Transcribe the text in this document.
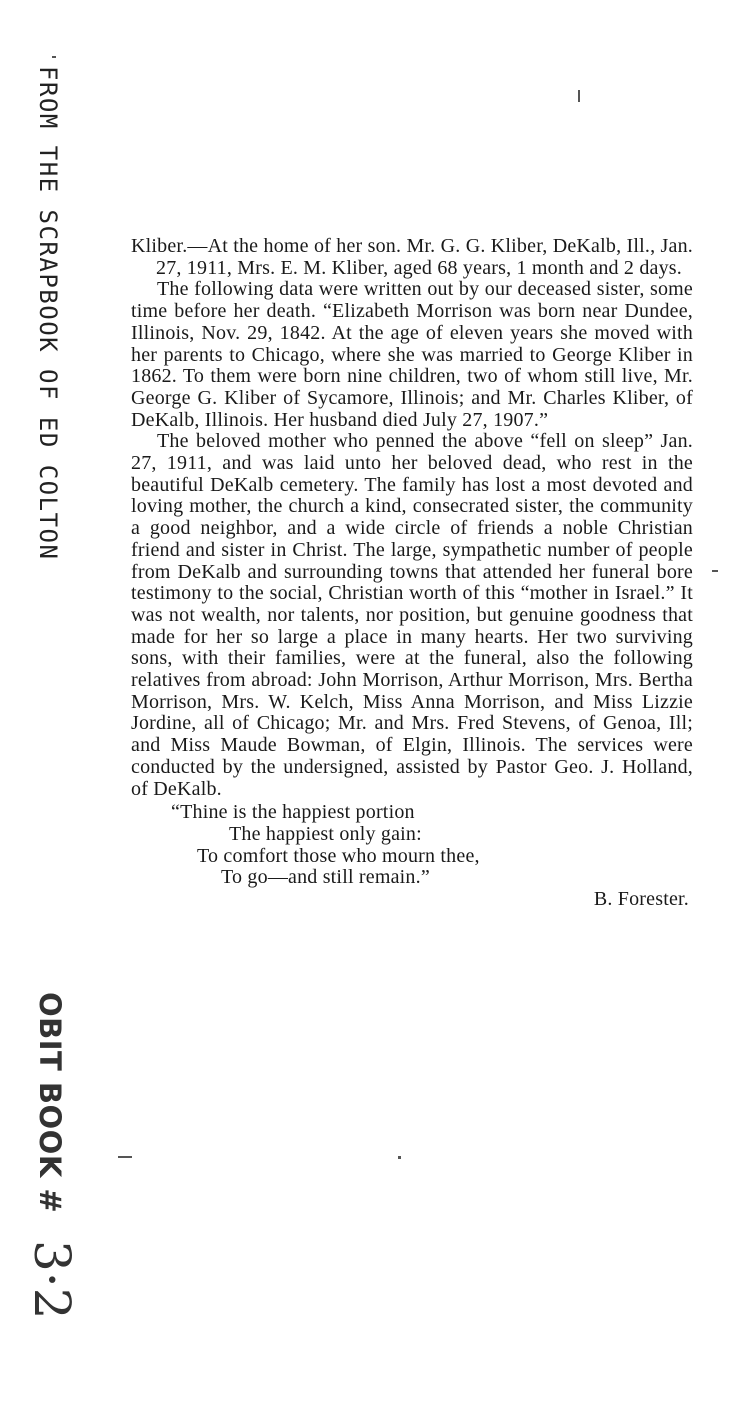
FROM THE SCRAPBOOK OF ED COLTON	Kliber.—At the home of her son. Mr. G. G. Kliber, DeKalb, Ill., Jan. 27, 1911, Mrs. E. M. Kliber, aged 68 years, 1 month and 2 days.

The following data were written out by our deceased sister, some time before her death. “Elizabeth Morrison was born near Dundee, Illinois, Nov. 29, 1842. At the age of eleven years she moved with her parents to Chicago, where she was married to George Kliber in 1862. To them were born nine children, two of whom still live, Mr. George G. Kliber of Sycamore, Illinois; and Mr. Charles Kliber, of DeKalb, Illinois. Her husband died July 27, 1907.”

The beloved mother who penned the above “fell on sleep” Jan. 27, 1911, and was laid unto her beloved dead, who rest in the beautiful DeKalb cemetery. The family has lost a most devoted and loving mother, the church a kind, consecrated sister, the community a good neighbor, and a wide circle of friends a noble Christian friend and sister in Christ. The large, sympathetic number of people from DeKalb and surrounding towns that attended her funeral bore testimony to the social, Christian worth of this “mother in Israel.” It was not wealth, nor talents, nor position, but genuine goodness that made for her so large a place in many hearts. Her two surviving sons, with their families, were at the funeral, also the following relatives from abroad: John Morrison, Arthur Morrison, Mrs. Bertha Morrison, Mrs. W. Kelch, Miss Anna Morrison, and Miss Lizzie Jordine, all of Chicago; Mr. and Mrs. Fred Stevens, of Genoa, Ill; and Miss Maude Bowman, of Elgin, Illinois. The services were conducted by the undersigned, assisted by Pastor Geo. J. Holland, of DeKalb.

“Thine is the happiest portion
The happiest only gain:
To comfort those who mourn thee,
To go—and still remain.”

B. Forester.

OBIT BOOK #
3·2
